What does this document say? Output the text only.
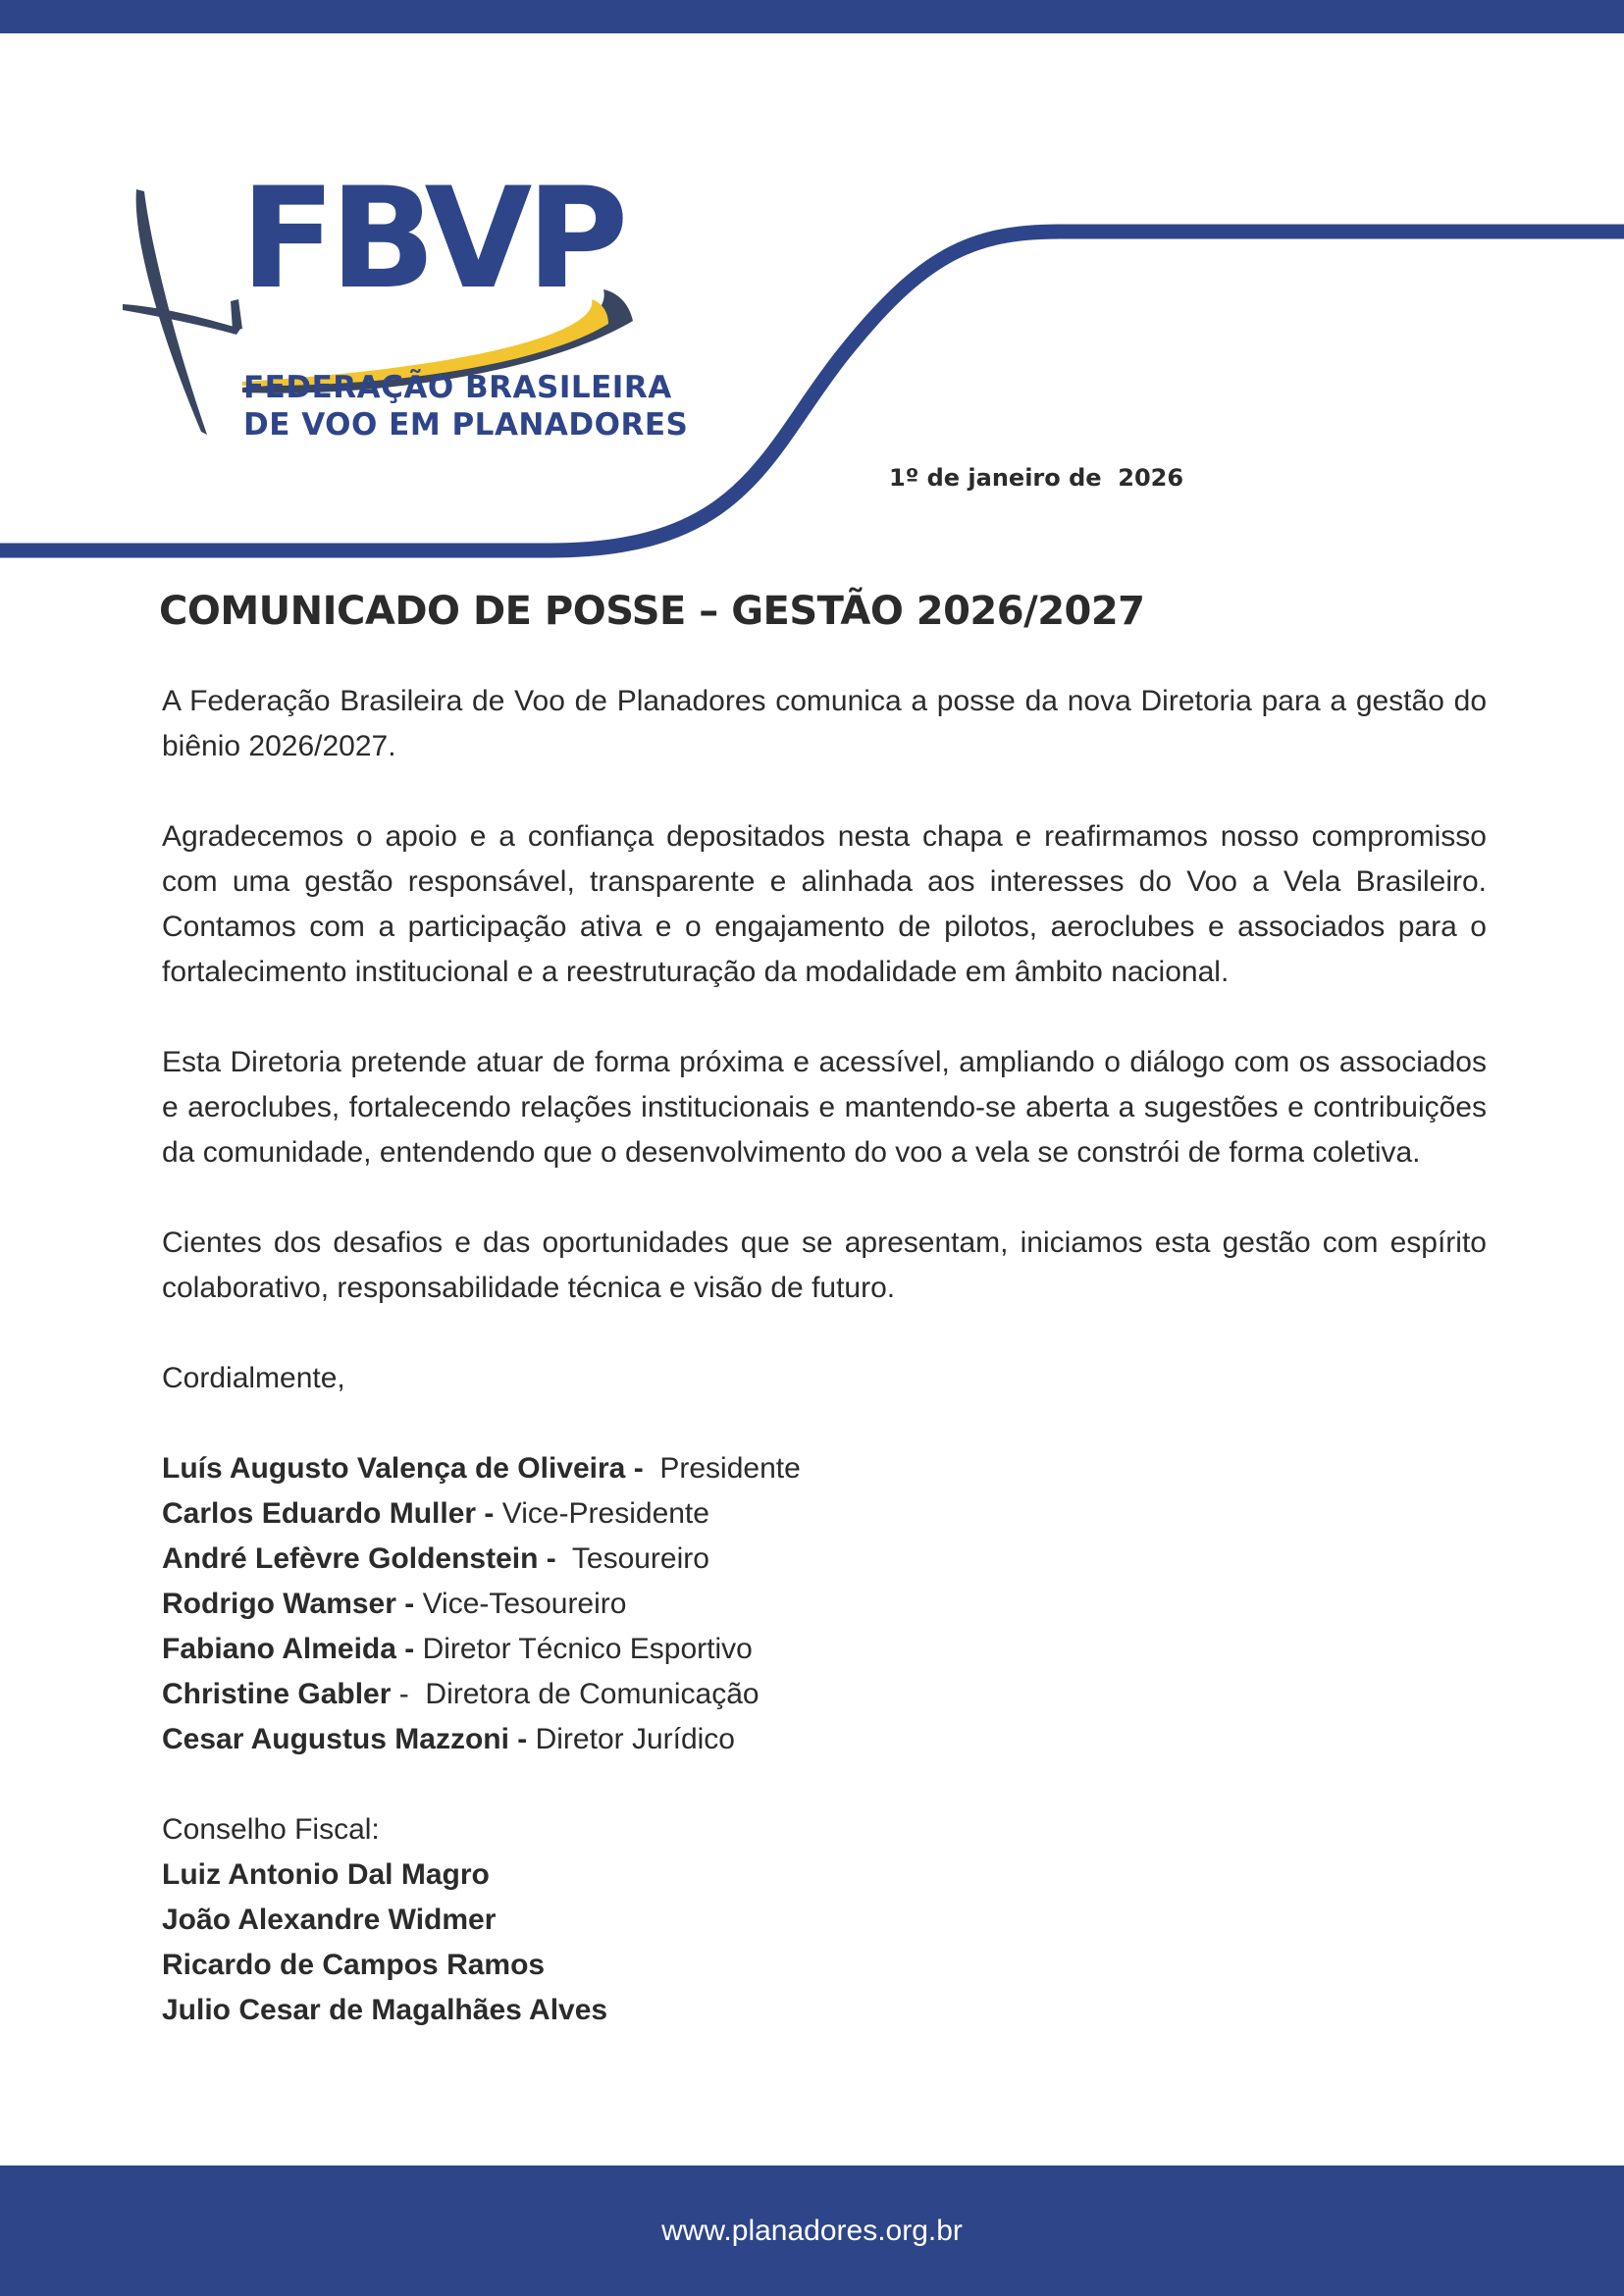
FBVP
FEDERAÇÃO BRASILEIRA
DE VOO EM PLANADORES
1º de janeiro de  2026
COMUNICADO DE POSSE – GESTÃO 2026/2027

A Federação Brasileira de Voo de Planadores comunica a posse da nova Diretoria para a gestão do biênio 2026/2027.

Agradecemos o apoio e a confiança depositados nesta chapa e reafirmamos nosso compromisso com uma gestão responsável, transparente e alinhada aos interesses do Voo a Vela Brasileiro. Contamos com a participação ativa e o engajamento de pilotos, aeroclubes e associados para o fortalecimento institucional e a reestruturação da modalidade em âmbito nacional.

Esta Diretoria pretende atuar de forma próxima e acessível, ampliando o diálogo com os associados e aeroclubes, fortalecendo relações institucionais e mantendo-se aberta a sugestões e contribuições da comunidade, entendendo que o desenvolvimento do voo a vela se constrói de forma coletiva.

Cientes dos desafios e das oportunidades que se apresentam, iniciamos esta gestão com espírito colaborativo, responsabilidade técnica e visão de futuro.

Cordialmente,

Luís Augusto Valença de Oliveira -  Presidente
Carlos Eduardo Muller - Vice-Presidente
André Lefèvre Goldenstein -  Tesoureiro
Rodrigo Wamser - Vice-Tesoureiro
Fabiano Almeida - Diretor Técnico Esportivo
Christine Gabler -  Diretora de Comunicação
Cesar Augustus Mazzoni - Diretor Jurídico
Conselho Fiscal:
Luiz Antonio Dal Magro
João Alexandre Widmer
Ricardo de Campos Ramos
Julio Cesar de Magalhães Alves
www.planadores.org.br
